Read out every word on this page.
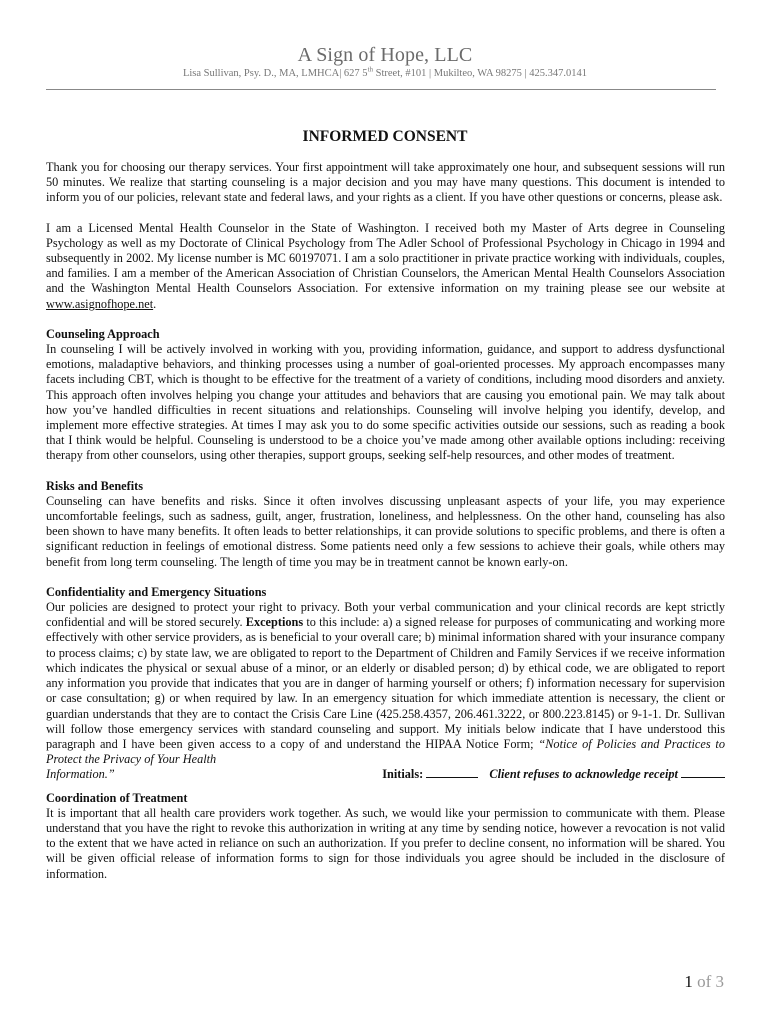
A Sign of Hope, LLC
Lisa Sullivan, Psy. D., MA, LMHCA| 627 5th Street, #101 | Mukilteo, WA 98275 | 425.347.0141
INFORMED CONSENT

Thank you for choosing our therapy services. Your first appointment will take approximately one hour, and subsequent sessions will run 50 minutes. We realize that starting counseling is a major decision and you may have many questions. This document is intended to inform you of our policies, relevant state and federal laws, and your rights as a client. If you have other questions or concerns, please ask.

I am a Licensed Mental Health Counselor in the State of Washington. I received both my Master of Arts degree in Counseling Psychology as well as my Doctorate of Clinical Psychology from The Adler School of Professional Psychology in Chicago in 1994 and subsequently in 2002. My license number is MC 60197071. I am a solo practitioner in private practice working with individuals, couples, and families. I am a member of the American Association of Christian Counselors, the American Mental Health Counselors Association and the Washington Mental Health Counselors Association. For extensive information on my training please see our website at www.asignofhope.net.

Counseling Approach

In counseling I will be actively involved in working with you, providing information, guidance, and support to address dysfunctional emotions, maladaptive behaviors, and thinking processes using a number of goal-oriented processes. My approach encompasses many facets including CBT, which is thought to be effective for the treatment of a variety of conditions, including mood disorders and anxiety. This approach often involves helping you change your attitudes and behaviors that are causing you emotional pain. We may talk about how you’ve handled difficulties in recent situations and relationships. Counseling will involve helping you identify, develop, and implement more effective strategies. At times I may ask you to do some specific activities outside our sessions, such as reading a book that I think would be helpful. Counseling is understood to be a choice you’ve made among other available options including: receiving therapy from other counselors, using other therapies, support groups, seeking self-help resources, and other modes of treatment.

Risks and Benefits

Counseling can have benefits and risks. Since it often involves discussing unpleasant aspects of your life, you may experience uncomfortable feelings, such as sadness, guilt, anger, frustration, loneliness, and helplessness. On the other hand, counseling has also been shown to have many benefits. It often leads to better relationships, it can provide solutions to specific problems, and there is often a significant reduction in feelings of emotional distress. Some patients need only a few sessions to achieve their goals, while others may benefit from long term counseling. The length of time you may be in treatment cannot be known early-on.

Confidentiality and Emergency Situations

Our policies are designed to protect your right to privacy. Both your verbal communication and your clinical records are kept strictly confidential and will be stored securely. Exceptions to this include: a) a signed release for purposes of communicating and working more effectively with other service providers, as is beneficial to your overall care; b) minimal information shared with your insurance company to process claims; c) by state law, we are obligated to report to the Department of Children and Family Services if we receive information which indicates the physical or sexual abuse of a minor, or an elderly or disabled person; d) by ethical code, we are obligated to report any information you provide that indicates that you are in danger of harming yourself or others; f) information necessary for supervision or case consultation; g) or when required by law. In an emergency situation for which immediate attention is necessary, the client or guardian understands that they are to contact the Crisis Care Line (425.258.4357, 206.461.3222, or 800.223.8145) or 9-1-1. Dr. Sullivan will follow those emergency services with standard counseling and support. My initials below indicate that I have understood this paragraph and I have been given access to a copy of and understand the HIPAA Notice Form; “Notice of Policies and Practices to Protect the Privacy of Your Health

Information.”	Initials:	Client refuses to acknowledge receipt
Coordination of Treatment

It is important that all health care providers work together. As such, we would like your permission to communicate with them. Please understand that you have the right to revoke this authorization in writing at any time by sending notice, however a revocation is not valid to the extent that we have acted in reliance on such an authorization. If you prefer to decline consent, no information will be shared. You will be given official release of information forms to sign for those individuals you agree should be included in the disclosure of information.

1 of 3
